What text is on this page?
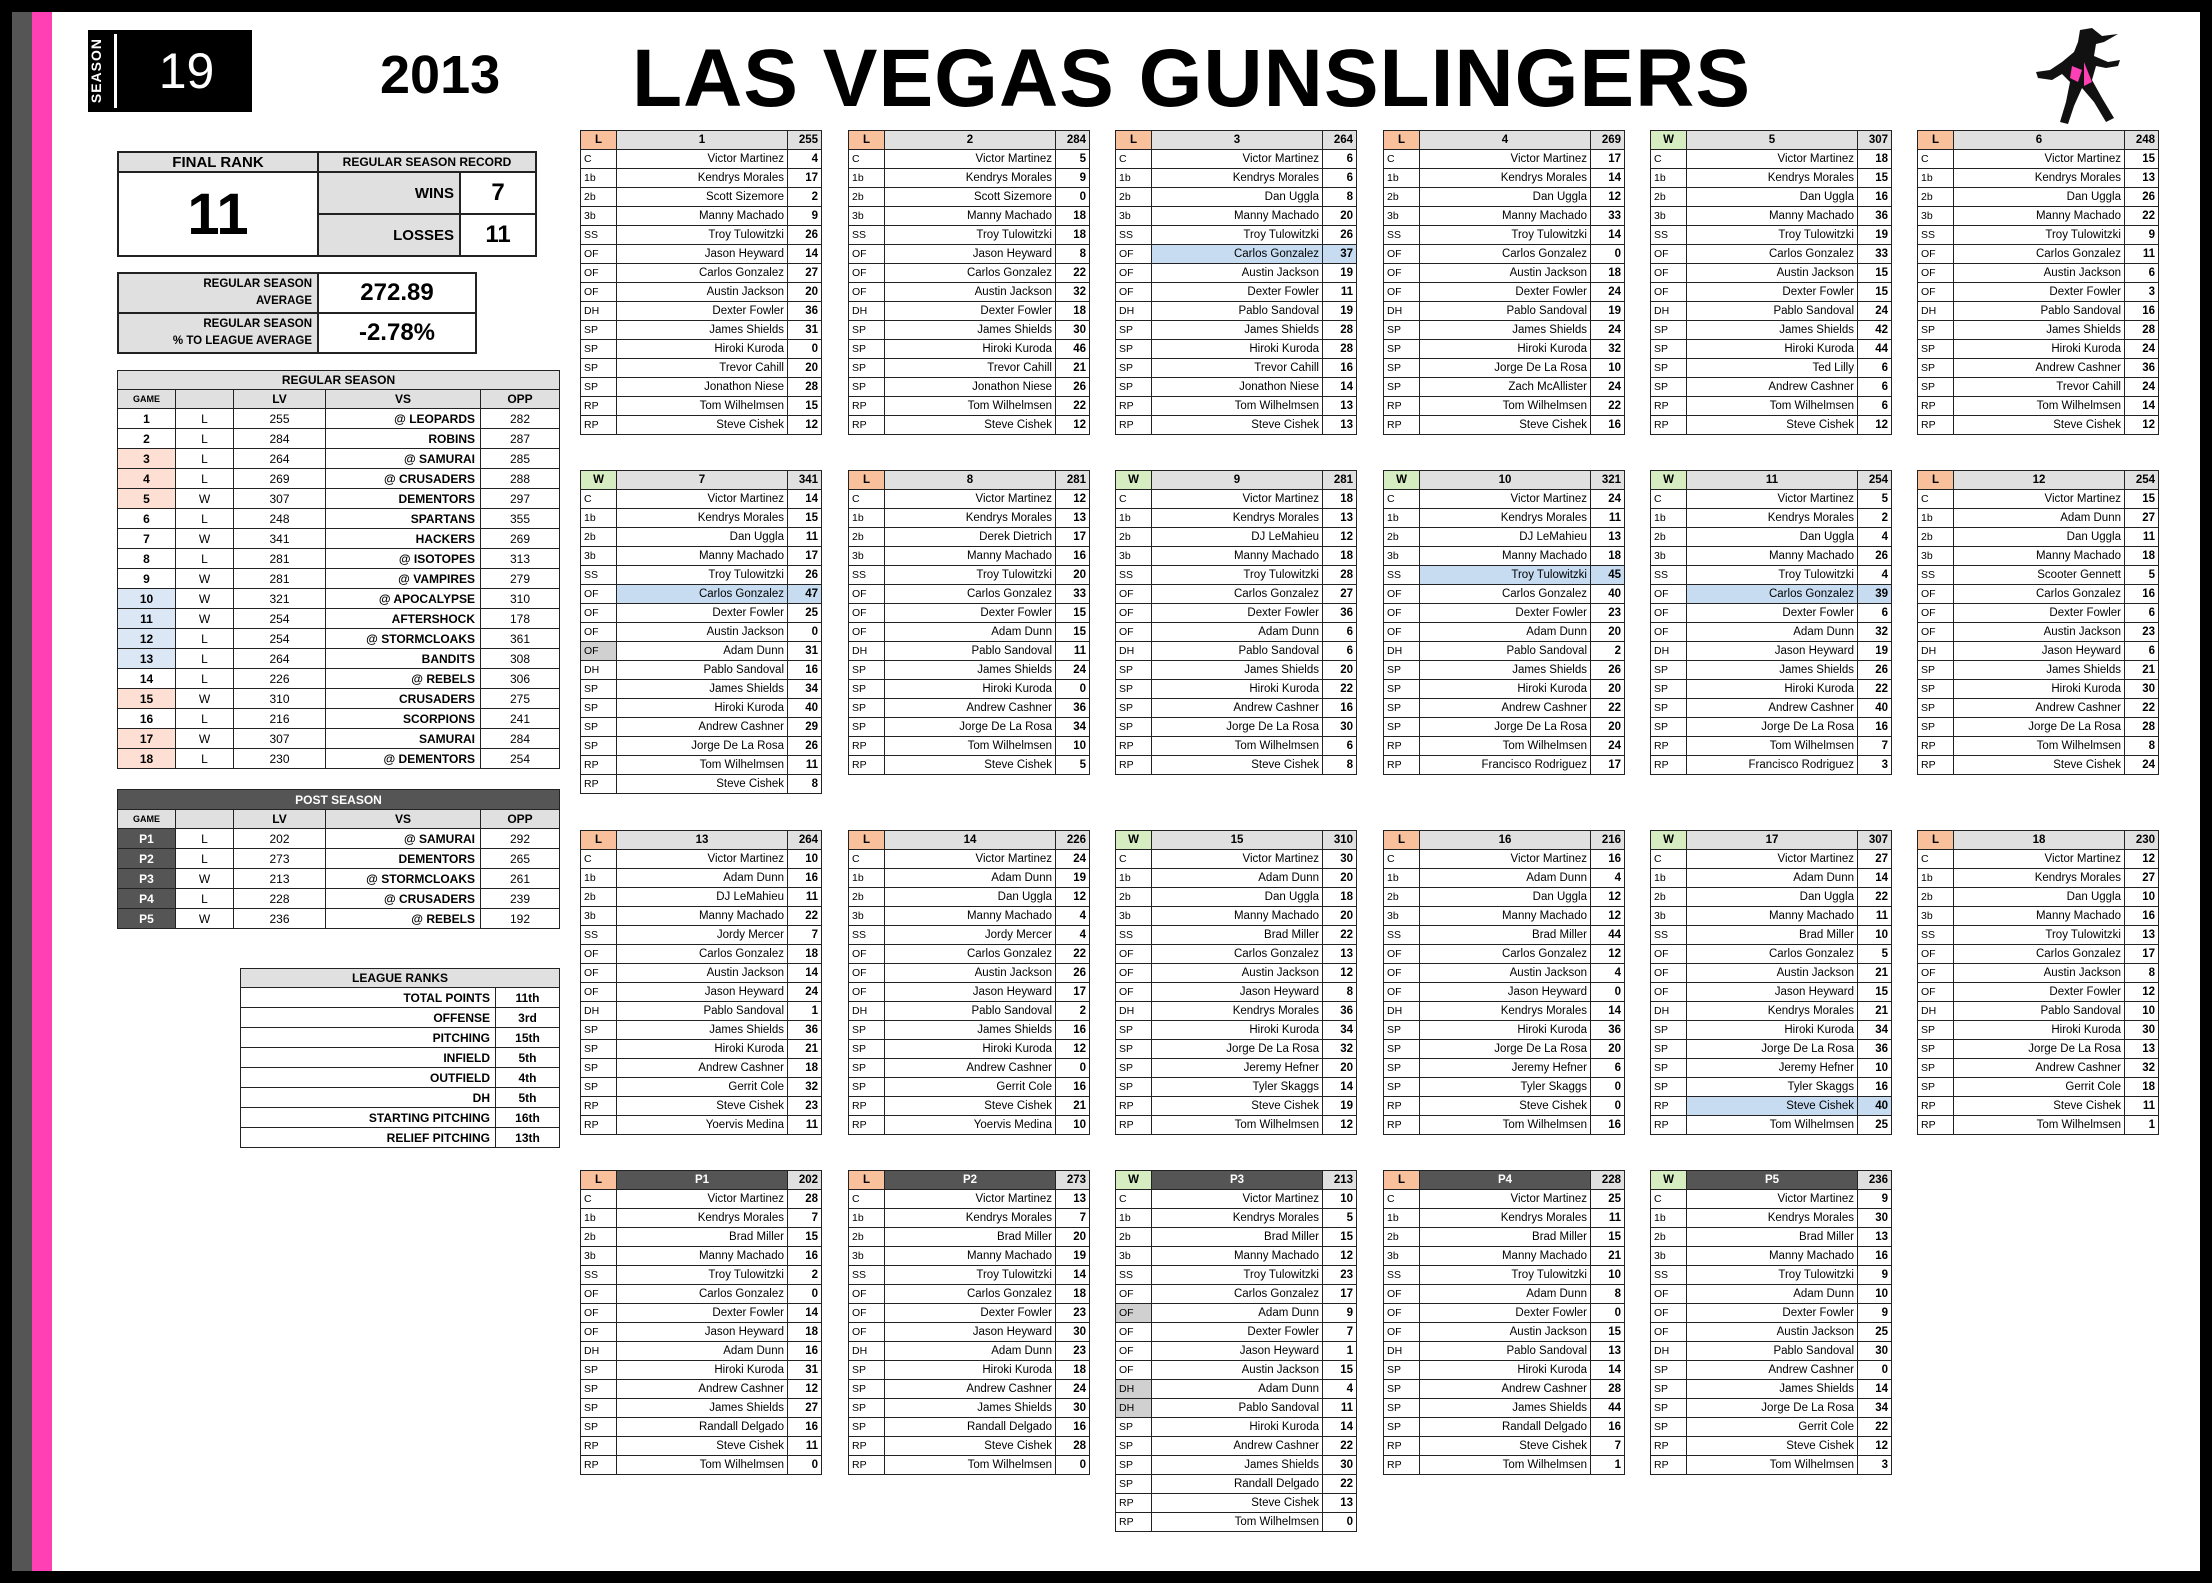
SEASON	19	2013 LAS VEGAS GUNSLINGERS
FINAL RANK	REGULAR SEASON RECORD	
11	WINS	7
	LOSSES	11
REGULAR SEASON
AVERAGE	272.89

REGULAR SEASON
% TO LEAGUE AVERAGE	-2.78%
REGULAR SEASON				
GAME		LV	VS	OPP
1	L	255	@ LEOPARDS	282
2	L	284	ROBINS	287
3	L	264	@ SAMURAI	285
4	L	269	@ CRUSADERS	288
5	W	307	DEMENTORS	297
6	L	248	SPARTANS	355
7	W	341	HACKERS	269
8	L	281	@ ISOTOPES	313
9	W	281	@ VAMPIRES	279
10	W	321	@ APOCALYPSE	310
11	W	254	AFTERSHOCK	178
12	L	254	@ STORMCLOAKS	361
13	L	264	BANDITS	308
14	L	226	@ REBELS	306
15	W	310	CRUSADERS	275
16	L	216	SCORPIONS	241
17	W	307	SAMURAI	284
18	L	230	@ DEMENTORS	254
POST SEASON				
GAME		LV	VS	OPP
P1	L	202	@ SAMURAI	292
P2	L	273	DEMENTORS	265
P3	W	213	@ STORMCLOAKS	261
P4	L	228	@ CRUSADERS	239
P5	W	236	@ REBELS	192
LEAGUE RANKS	
TOTAL POINTS	11th
OFFENSE	3rd
PITCHING	15th
INFIELD	5th
OUTFIELD	4th
DH	5th
STARTING PITCHING	16th
RELIEF PITCHING	13th
L	1	255
C	Victor Martinez	4
1b	Kendrys Morales	17
2b	Scott Sizemore	2
3b	Manny Machado	9
SS	Troy Tulowitzki	26
OF	Jason Heyward	14
OF	Carlos Gonzalez	27
OF	Austin Jackson	20
DH	Dexter Fowler	36
SP	James Shields	31
SP	Hiroki Kuroda	0
SP	Trevor Cahill	20
SP	Jonathon Niese	28
RP	Tom Wilhelmsen	15
RP	Steve Cishek	12
L	2	284
C	Victor Martinez	5
1b	Kendrys Morales	9
2b	Scott Sizemore	0
3b	Manny Machado	18
SS	Troy Tulowitzki	18
OF	Jason Heyward	8
OF	Carlos Gonzalez	22
OF	Austin Jackson	32
DH	Dexter Fowler	18
SP	James Shields	30
SP	Hiroki Kuroda	46
SP	Trevor Cahill	21
SP	Jonathon Niese	26
RP	Tom Wilhelmsen	22
RP	Steve Cishek	12
L	3	264
C	Victor Martinez	6
1b	Kendrys Morales	6
2b	Dan Uggla	8
3b	Manny Machado	20
SS	Troy Tulowitzki	26
OF	Carlos Gonzalez	37
OF	Austin Jackson	19
OF	Dexter Fowler	11
DH	Pablo Sandoval	19
SP	James Shields	28
SP	Hiroki Kuroda	28
SP	Trevor Cahill	16
SP	Jonathon Niese	14
RP	Tom Wilhelmsen	13
RP	Steve Cishek	13
L	4	269
C	Victor Martinez	17
1b	Kendrys Morales	14
2b	Dan Uggla	12
3b	Manny Machado	33
SS	Troy Tulowitzki	14
OF	Carlos Gonzalez	0
OF	Austin Jackson	18
OF	Dexter Fowler	24
DH	Pablo Sandoval	19
SP	James Shields	24
SP	Hiroki Kuroda	32
SP	Jorge De La Rosa	10
SP	Zach McAllister	24
RP	Tom Wilhelmsen	22
RP	Steve Cishek	16
W	5	307
C	Victor Martinez	18
1b	Kendrys Morales	15
2b	Dan Uggla	16
3b	Manny Machado	36
SS	Troy Tulowitzki	19
OF	Carlos Gonzalez	33
OF	Austin Jackson	15
OF	Dexter Fowler	15
DH	Pablo Sandoval	24
SP	James Shields	42
SP	Hiroki Kuroda	44
SP	Ted Lilly	6
SP	Andrew Cashner	6
RP	Tom Wilhelmsen	6
RP	Steve Cishek	12
L	6	248
C	Victor Martinez	15
1b	Kendrys Morales	13
2b	Dan Uggla	26
3b	Manny Machado	22
SS	Troy Tulowitzki	9
OF	Carlos Gonzalez	11
OF	Austin Jackson	6
OF	Dexter Fowler	3
DH	Pablo Sandoval	16
SP	James Shields	28
SP	Hiroki Kuroda	24
SP	Andrew Cashner	36
SP	Trevor Cahill	24
RP	Tom Wilhelmsen	14
RP	Steve Cishek	12
W	7	341
C	Victor Martinez	14
1b	Kendrys Morales	15
2b	Dan Uggla	11
3b	Manny Machado	17
SS	Troy Tulowitzki	26
OF	Carlos Gonzalez	47
OF	Dexter Fowler	25
OF	Austin Jackson	0
OF	Adam Dunn	31
DH	Pablo Sandoval	16
SP	James Shields	34
SP	Hiroki Kuroda	40
SP	Andrew Cashner	29
SP	Jorge De La Rosa	26
RP	Tom Wilhelmsen	11
RP	Steve Cishek	8
L	8	281
C	Victor Martinez	12
1b	Kendrys Morales	13
2b	Derek Dietrich	17
3b	Manny Machado	16
SS	Troy Tulowitzki	20
OF	Carlos Gonzalez	33
OF	Dexter Fowler	15
OF	Adam Dunn	15
DH	Pablo Sandoval	11
SP	James Shields	24
SP	Hiroki Kuroda	0
SP	Andrew Cashner	36
SP	Jorge De La Rosa	34
RP	Tom Wilhelmsen	10
RP	Steve Cishek	5
W	9	281
C	Victor Martinez	18
1b	Kendrys Morales	13
2b	DJ LeMahieu	12
3b	Manny Machado	18
SS	Troy Tulowitzki	28
OF	Carlos Gonzalez	27
OF	Dexter Fowler	36
OF	Adam Dunn	6
DH	Pablo Sandoval	6
SP	James Shields	20
SP	Hiroki Kuroda	22
SP	Andrew Cashner	16
SP	Jorge De La Rosa	30
RP	Tom Wilhelmsen	6
RP	Steve Cishek	8
W	10	321
C	Victor Martinez	24
1b	Kendrys Morales	11
2b	DJ LeMahieu	13
3b	Manny Machado	18
SS	Troy Tulowitzki	45
OF	Carlos Gonzalez	40
OF	Dexter Fowler	23
OF	Adam Dunn	20
DH	Pablo Sandoval	2
SP	James Shields	26
SP	Hiroki Kuroda	20
SP	Andrew Cashner	22
SP	Jorge De La Rosa	20
RP	Tom Wilhelmsen	24
RP	Francisco Rodriguez	17
W	11	254
C	Victor Martinez	5
1b	Kendrys Morales	2
2b	Dan Uggla	4
3b	Manny Machado	26
SS	Troy Tulowitzki	4
OF	Carlos Gonzalez	39
OF	Dexter Fowler	6
OF	Adam Dunn	32
DH	Jason Heyward	19
SP	James Shields	26
SP	Hiroki Kuroda	22
SP	Andrew Cashner	40
SP	Jorge De La Rosa	16
RP	Tom Wilhelmsen	7
RP	Francisco Rodriguez	3
L	12	254
C	Victor Martinez	15
1b	Adam Dunn	27
2b	Dan Uggla	11
3b	Manny Machado	18
SS	Scooter Gennett	5
OF	Carlos Gonzalez	16
OF	Dexter Fowler	6
OF	Austin Jackson	23
DH	Jason Heyward	6
SP	James Shields	21
SP	Hiroki Kuroda	30
SP	Andrew Cashner	22
SP	Jorge De La Rosa	28
RP	Tom Wilhelmsen	8
RP	Steve Cishek	24
L	13	264
C	Victor Martinez	10
1b	Adam Dunn	16
2b	DJ LeMahieu	11
3b	Manny Machado	22
SS	Jordy Mercer	7
OF	Carlos Gonzalez	18
OF	Austin Jackson	14
OF	Jason Heyward	24
DH	Pablo Sandoval	1
SP	James Shields	36
SP	Hiroki Kuroda	21
SP	Andrew Cashner	18
SP	Gerrit Cole	32
RP	Steve Cishek	23
RP	Yoervis Medina	11
L	14	226
C	Victor Martinez	24
1b	Adam Dunn	19
2b	Dan Uggla	12
3b	Manny Machado	4
SS	Jordy Mercer	4
OF	Carlos Gonzalez	22
OF	Austin Jackson	26
OF	Jason Heyward	17
DH	Pablo Sandoval	2
SP	James Shields	16
SP	Hiroki Kuroda	12
SP	Andrew Cashner	0
SP	Gerrit Cole	16
RP	Steve Cishek	21
RP	Yoervis Medina	10
W	15	310
C	Victor Martinez	30
1b	Adam Dunn	20
2b	Dan Uggla	18
3b	Manny Machado	20
SS	Brad Miller	22
OF	Carlos Gonzalez	13
OF	Austin Jackson	12
OF	Jason Heyward	8
DH	Kendrys Morales	36
SP	Hiroki Kuroda	34
SP	Jorge De La Rosa	32
SP	Jeremy Hefner	20
SP	Tyler Skaggs	14
RP	Steve Cishek	19
RP	Tom Wilhelmsen	12
L	16	216
C	Victor Martinez	16
1b	Adam Dunn	4
2b	Dan Uggla	12
3b	Manny Machado	12
SS	Brad Miller	44
OF	Carlos Gonzalez	12
OF	Austin Jackson	4
OF	Jason Heyward	0
DH	Kendrys Morales	14
SP	Hiroki Kuroda	36
SP	Jorge De La Rosa	20
SP	Jeremy Hefner	6
SP	Tyler Skaggs	0
RP	Steve Cishek	0
RP	Tom Wilhelmsen	16
W	17	307
C	Victor Martinez	27
1b	Adam Dunn	14
2b	Dan Uggla	22
3b	Manny Machado	11
SS	Brad Miller	10
OF	Carlos Gonzalez	5
OF	Austin Jackson	21
OF	Jason Heyward	15
DH	Kendrys Morales	21
SP	Hiroki Kuroda	34
SP	Jorge De La Rosa	36
SP	Jeremy Hefner	10
SP	Tyler Skaggs	16
RP	Steve Cishek	40
RP	Tom Wilhelmsen	25
L	18	230
C	Victor Martinez	12
1b	Kendrys Morales	27
2b	Dan Uggla	10
3b	Manny Machado	16
SS	Troy Tulowitzki	13
OF	Carlos Gonzalez	17
OF	Austin Jackson	8
OF	Dexter Fowler	12
DH	Pablo Sandoval	10
SP	Hiroki Kuroda	30
SP	Jorge De La Rosa	13
SP	Andrew Cashner	32
SP	Gerrit Cole	18
RP	Steve Cishek	11
RP	Tom Wilhelmsen	1
L	P1	202
C	Victor Martinez	28
1b	Kendrys Morales	7
2b	Brad Miller	15
3b	Manny Machado	16
SS	Troy Tulowitzki	2
OF	Carlos Gonzalez	0
OF	Dexter Fowler	14
OF	Jason Heyward	18
DH	Adam Dunn	16
SP	Hiroki Kuroda	31
SP	Andrew Cashner	12
SP	James Shields	27
SP	Randall Delgado	16
RP	Steve Cishek	11
RP	Tom Wilhelmsen	0
L	P2	273
C	Victor Martinez	13
1b	Kendrys Morales	7
2b	Brad Miller	20
3b	Manny Machado	19
SS	Troy Tulowitzki	14
OF	Carlos Gonzalez	18
OF	Dexter Fowler	23
OF	Jason Heyward	30
DH	Adam Dunn	23
SP	Hiroki Kuroda	18
SP	Andrew Cashner	24
SP	James Shields	30
SP	Randall Delgado	16
RP	Steve Cishek	28
RP	Tom Wilhelmsen	0
W	P3	213
C	Victor Martinez	10
1b	Kendrys Morales	5
2b	Brad Miller	15
3b	Manny Machado	12
SS	Troy Tulowitzki	23
OF	Carlos Gonzalez	17
OF	Adam Dunn	9
OF	Dexter Fowler	7
OF	Jason Heyward	1
OF	Austin Jackson	15
DH	Adam Dunn	4
DH	Pablo Sandoval	11
SP	Hiroki Kuroda	14
SP	Andrew Cashner	22
SP	James Shields	30
SP	Randall Delgado	22
RP	Steve Cishek	13
RP	Tom Wilhelmsen	0
L	P4	228
C	Victor Martinez	25
1b	Kendrys Morales	11
2b	Brad Miller	15
3b	Manny Machado	21
SS	Troy Tulowitzki	10
OF	Adam Dunn	8
OF	Dexter Fowler	0
OF	Austin Jackson	15
DH	Pablo Sandoval	13
SP	Hiroki Kuroda	14
SP	Andrew Cashner	28
SP	James Shields	44
SP	Randall Delgado	16
RP	Steve Cishek	7
RP	Tom Wilhelmsen	1
W	P5	236
C	Victor Martinez	9
1b	Kendrys Morales	30
2b	Brad Miller	13
3b	Manny Machado	16
SS	Troy Tulowitzki	9
OF	Adam Dunn	10
OF	Dexter Fowler	9
OF	Austin Jackson	25
DH	Pablo Sandoval	30
SP	Andrew Cashner	0
SP	James Shields	14
SP	Jorge De La Rosa	34
SP	Gerrit Cole	22
RP	Steve Cishek	12
RP	Tom Wilhelmsen	3
